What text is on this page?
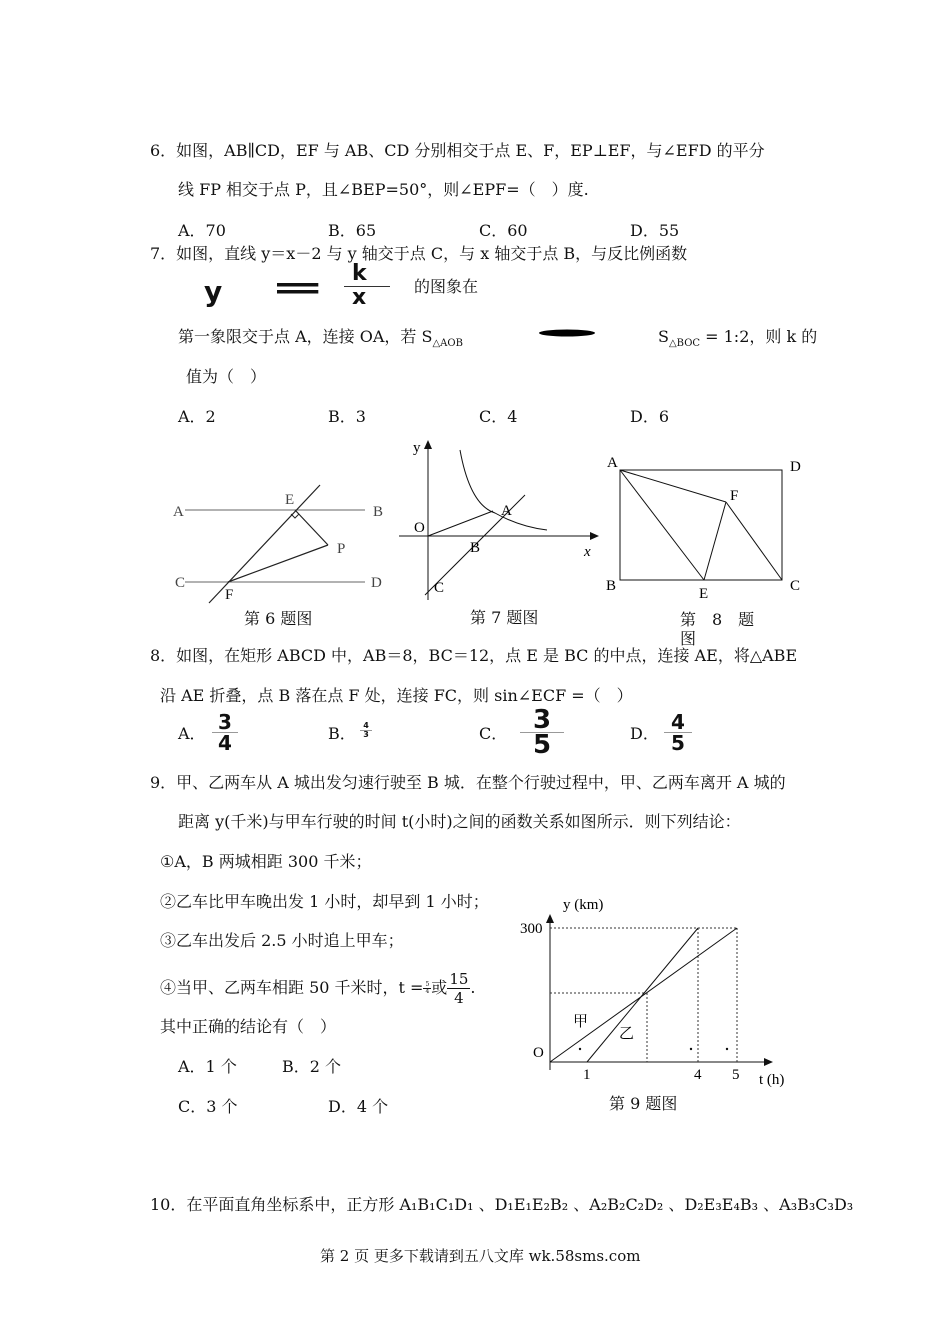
6．如图，AB∥CD，EF 与 AB、CD 分别相交于点 E、F，EP⊥EF，与∠EFD 的平分
线 FP 相交于点 P，且∠BEP=50°，则∠EPF=（　）度.
A．70	B．65	C．60	D．55
7．如图，直线 y＝x－2 与 y 轴交于点 C，与 x 轴交于点 B，与反比例函数
y = k
x	的图象在
第一象限交于点 A，连接 OA，若 $S_{\triangle AOB}$	$S_{\triangle BOC}$ = 1:2，则 k 的
值为（　）
A．2	B．3	C．4	D．6
A	B
E
P
C	D
F
第 6 题图
y
A
O
B	x
C
第 7 题图
A	D
F
B	E	C
第　8　题
图
8．如图，在矩形 ABCD 中，AB＝8，BC＝12，点 E 是 BC 的中点，连接 AE，将△ABE
沿 AE 折叠，点 B 落在点 F 处，连接 FC，则 sin∠ECF =（　）
A． 3
4	B． 4
3	C． 3
5	D． 4
5
9．甲、乙两车从 A 城出发匀速行驶至 B 城．在整个行驶过程中，甲、乙两车离开 A 城的
距离 y(千米)与甲车行驶的时间 t(小时)之间的函数关系如图所示．则下列结论：
①A，B 两城相距 300 千米；
②乙车比甲车晚出发 1 小时，却早到 1 小时；
③乙车出发后 2.5 小时追上甲车；
④当甲、乙两车相距 50 千米时，$t = \frac{5}{4}$ 或 $\frac{15}{4}$ .
其中正确的结论有（　）
A．1 个	B．2 个
C．3 个	D．4 个
y (km)
300
O
甲
乙
1	4 5 t (h)
第 9 题图
10．在平面直角坐标系中，正方形 A₁B₁C₁D₁ 、D₁E₁E₂B₂ 、A₂B₂C₂D₂ 、D₂E₃E₄B₃ 、A₃B₃C₃D₃
第 2 页 更多下载请到五八文库 wk.58sms.com
